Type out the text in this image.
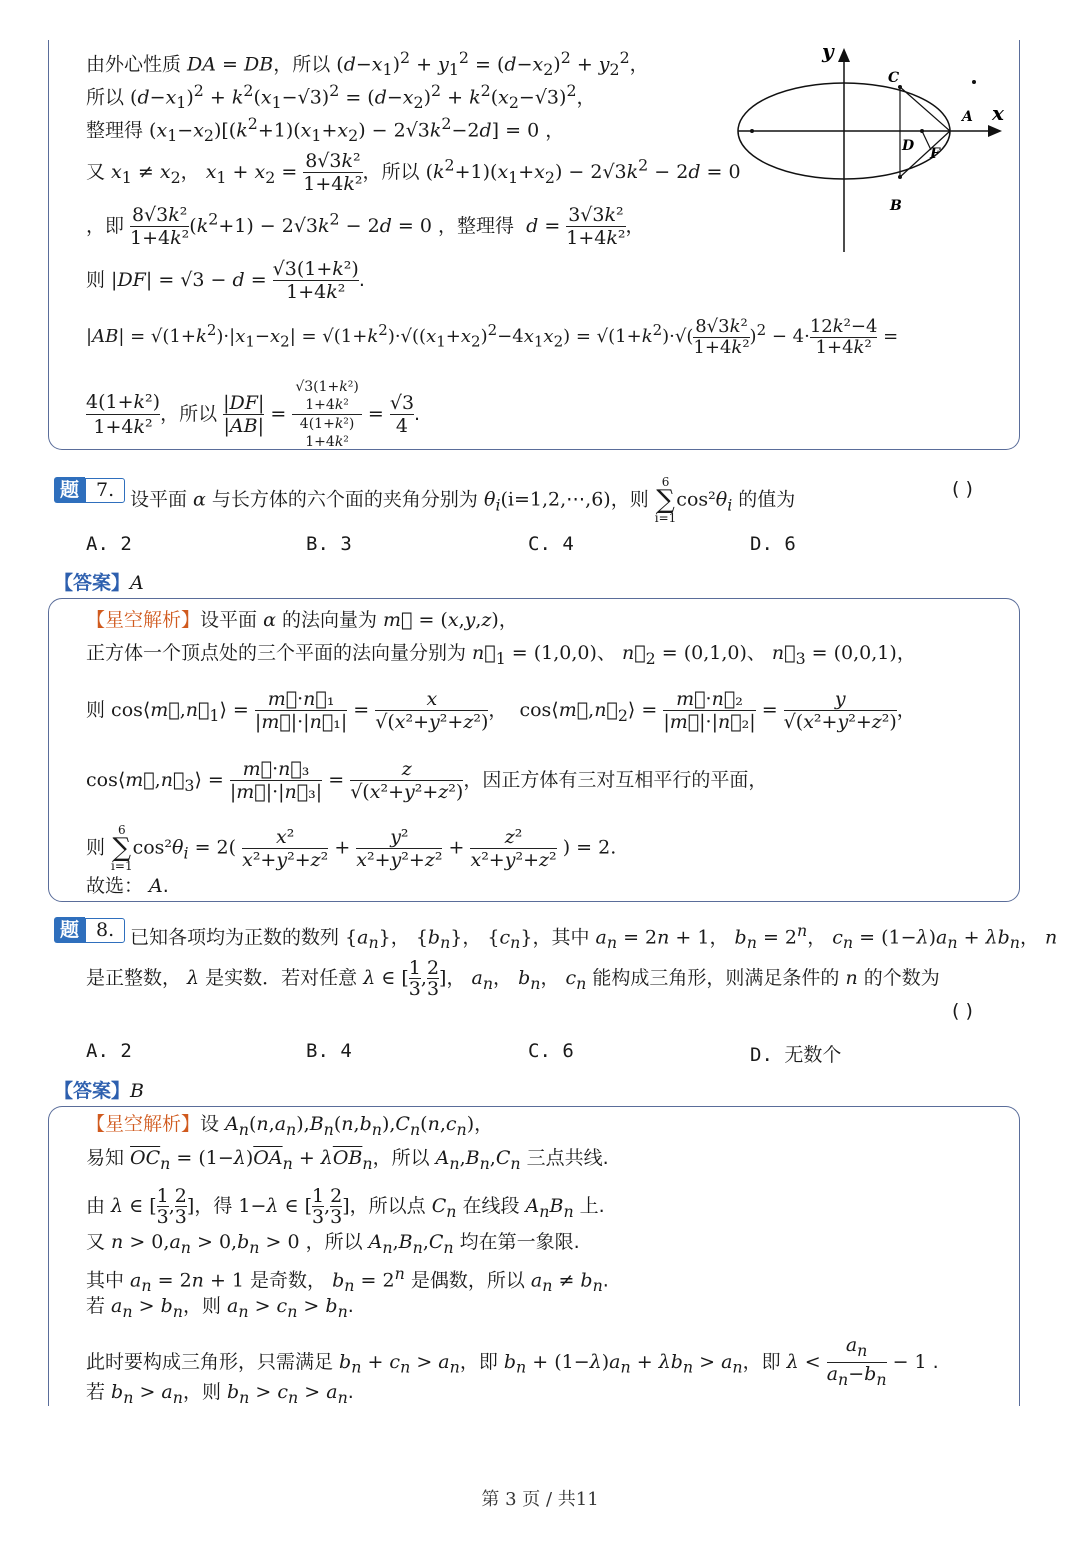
由外心性质 DA = DB，所以 $(d-x_1)^2 + y_1^2 = (d-x_2)^2 + y_2^2$，
所以 $(d-x_1)^2 + k^2(x_1-√3)^2 = (d-x_2)^2 + k^2(x_2-√3)^2$，
整理得 $(x_1-x_2)[(k^2+1)(x_1+x_2) - 2√3k^2-2d] = 0$ ，
又 $x_1 \ne x_2$， $x_1 + x_2 = \frac{\text{8√3k²}}{\text{1+4k²}}$ ，所以 $(k^2+1)(x_1+x_2) - 2√3k^2 - 2d = 0$
，即 $\frac{\text{8√3k²}}{\text{1+4k²}} (k^2+1) - 2√3k^2 - 2d = 0$ ，整理得  $d = \frac{\text{3√3k²}}{\text{1+4k²}}$ ，
则 $|DF| = √3 - d = \frac{\text{√3(1+k²)}}{\text{1+4k²}}$ .
$|AB| = √(1+k^2)\cdot|x_1-x_2| = √(1+k^2)\cdot√((x_1+x_2)^2-4x_1x_2) = √(1+k^2)\cdot√( \frac{\text{8√3k²}}{\text{1+4k²}} )^2 - 4\cdot \frac{\text{12k²−4}}{\text{1+4k²}}$ =
$\frac{\text{4(1+k²)}}{\text{1+4k²}}$ ，所以 $\frac{|DF|}{|AB|}$ =
√3(1+k²)
1+4k²
4(1+k²)
1+4k²
= $\frac{√3}{4}$ .
y
x
C
A
D F
B
题 7. 设平面 α 与长方体的六个面的夹角分别为 $\theta_i(i=1,2,\cdots,6)$，则 6
∑
$i=1\cos^2\theta_i$ 的值为	( )
A. 2	B. 3	C. 4	D. 6
【答案】A
【星空解析】设平面 α 的法向量为 m⃗ = (x,y,z)，
正方体一个顶点处的三个平面的法向量分别为 $n⃗_1 = (1,0,0)$、 $n⃗_2 = (0,1,0)$、 $n⃗_3 = (0,0,1)$，
则 $\cos⟨m⃗,n⃗_1⟩ = \frac{\text{m⃗·n⃗₁}}{\text{|m⃗|·|n⃗₁|}} = \frac{x}{\text{√(x²+y²+z²)}}$ ，  $\cos⟨m⃗,n⃗_2⟩ = \frac{\text{m⃗·n⃗₂}}{\text{|m⃗|·|n⃗₂|}} = \frac{y}{\text{√(x²+y²+z²)}}$ ，
$\cos⟨m⃗,n⃗_3⟩ = \frac{\text{m⃗·n⃗₃}}{\text{|m⃗|·|n⃗₃|}} = \frac{z}{\text{√(x²+y²+z²)}}$ ，因正方体有三对互相平行的平面，
则 6
∑
$i=1\cos^2\theta_i = 2( \frac{\text{x²}}{\text{x²+y²+z²}} + \frac{\text{y²}}{\text{x²+y²+z²}} + \frac{\text{z²}}{\text{x²+y²+z²}}$ ) = 2.
故选： A.
题 8. 已知各项均为正数的数列 $\{a_n\}$， $\{b_n\}$， $\{c_n\}$，其中 $a_n = 2n + 1$， $b_n = 2^n$， $c_n = (1-\lambda)a_n + \lambda b_n$， n
是正整数， λ 是实数．若对任意 λ ∈ [ $\frac{1}{3}$ , $\frac{2}{3}$ ]， $a_n$， $b_n$， $c_n$ 能构成三角形，则满足条件的 n 的个数为
( )
A. 2	B. 4	C. 6	D. 无数个
【答案】B
【星空解析】设 $A_n(n,a_n),B_n(n,b_n),C_n(n,c_n)$，
易知 $\overline{OC}_n = (1-\lambda)\overline{OA}_n + \lambda\overline{OB}_n$，所以 $A_n,B_n,C_n$ 三点共线.
由 λ ∈ [ $\frac{1}{3}$ , $\frac{2}{3}$ ]，得 1−λ ∈ [ $\frac{1}{3}$ , $\frac{2}{3}$ ]，所以点 $C_n$ 在线段 $A_nB_n$ 上.
又 $n > 0,a_n > 0,b_n > 0$ ，所以 $A_n,B_n,C_n$ 均在第一象限.
其中 $a_n = 2n + 1$ 是奇数， $b_n = 2^n$ 是偶数，所以 $a_n \ne b_n$.
若 $a_n > b_n$，则 $a_n > c_n > b_n$.
此时要构成三角形，只需满足 $b_n + c_n > a_n$，即 $b_n + (1-\lambda)a_n + \lambda b_n > a_n$，即 $\lambda < \frac{a_n}{a_n-b_n} - 1$ .
若 $b_n > a_n$，则 $b_n > c_n > a_n$.
第 3 页 / 共11
